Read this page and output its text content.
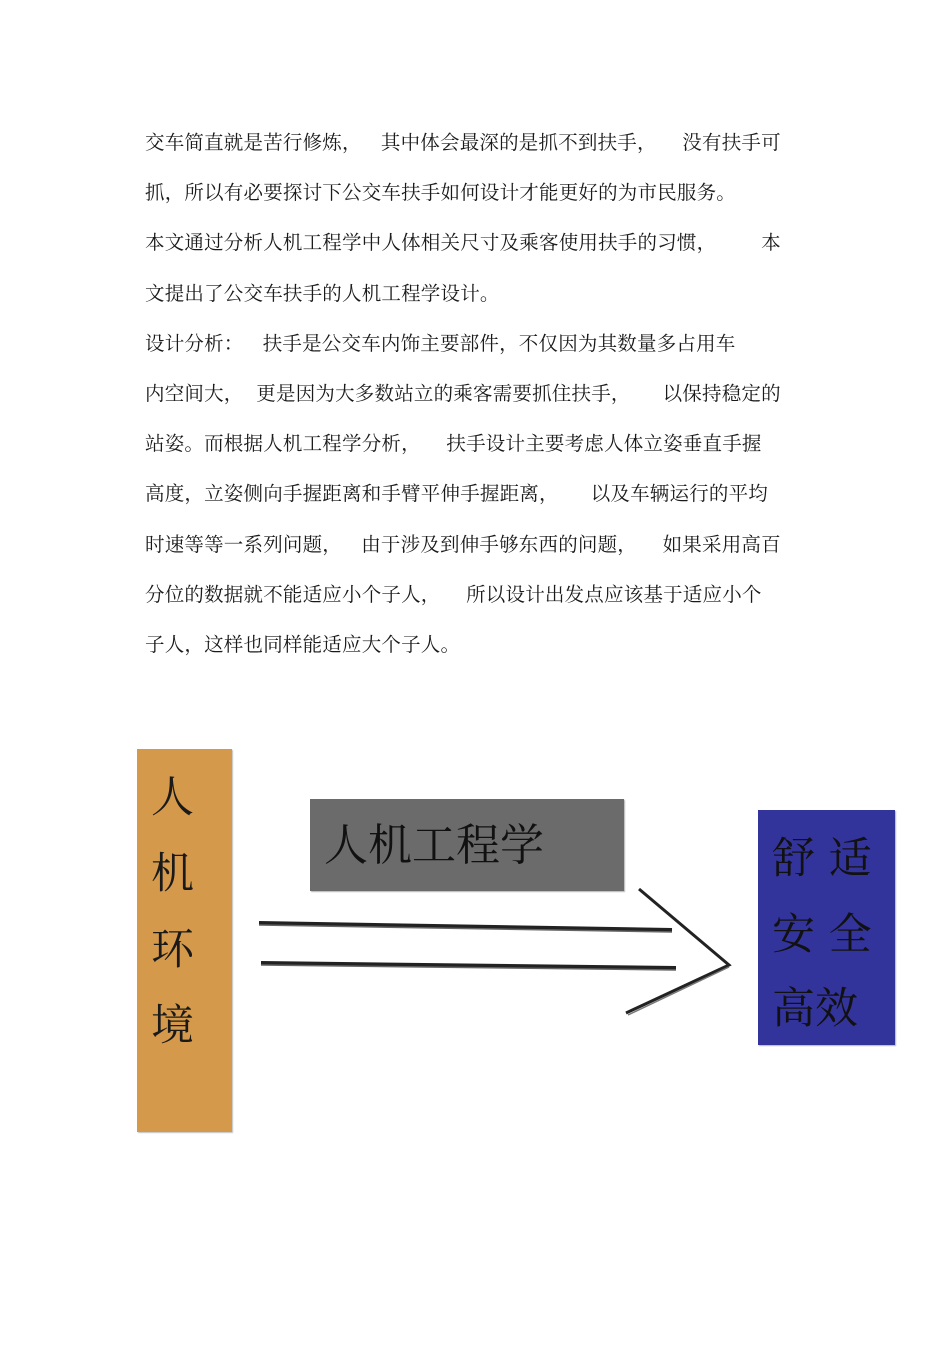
交车简直就是苦行修炼，   其中体会最深的是抓不到扶手，    没有扶手可
抓，所以有必要探讨下公交车扶手如何设计才能更好的为市民服务。
本文通过分析人机工程学中人体相关尺寸及乘客使用扶手的习惯，       本
文提出了公交车扶手的人机工程学设计。
设计分析：   扶手是公交车内饰主要部件，不仅因为其数量多占用车
内空间大，  更是因为大多数站立的乘客需要抓住扶手，     以保持稳定的
站姿。而根据人机工程学分析，    扶手设计主要考虑人体立姿垂直手握
高度，立姿侧向手握距离和手臂平伸手握距离，     以及车辆运行的平均
时速等等一系列问题，   由于涉及到伸手够东西的问题，    如果采用高百
分位的数据就不能适应小个子人，    所以设计出发点应该基于适应小个
子人，这样也同样能适应大个子人。
人
机
环
境
人机工程学	舒 适
安 全
高效
